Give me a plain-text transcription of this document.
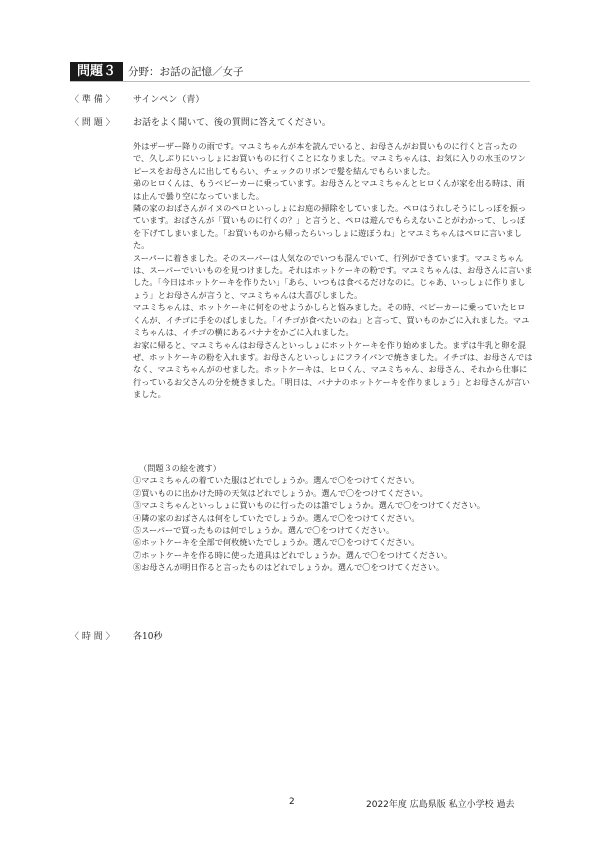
問題３	分野：お話の記憶／女子
〈 準 備 〉 サインペン（青）
〈 問 題 〉 お話をよく聞いて、後の質問に答えてください。

外はザーザー降りの雨です。マユミちゃんが本を読んでいると、お母さんがお買いものに行くと言ったので、久しぶりにいっしょにお買いものに行くことになりました。マユミちゃんは、お気に入りの水玉のワンピースをお母さんに出してもらい、チェックのリボンで髪を結んでもらいました。

弟のヒロくんは、もうベビーカーに乗っています。お母さんとマユミちゃんとヒロくんが家を出る時は、雨は止んで曇り空になっていました。

隣の家のおばさんがイヌのペロといっしょにお庭の掃除をしていました。ペロはうれしそうにしっぽを振っています。おばさんが「買いものに行くの？」と言うと、ペロは遊んでもらえないことがわかって、しっぽを下げてしまいました。「お買いものから帰ったらいっしょに遊ぼうね」とマユミちゃんはペロに言いました。

スーパーに着きました。そのスーパーは人気なのでいつも混んでいて、行列ができています。マユミちゃんは、スーパーでいいものを見つけました。それはホットケーキの粉です。マユミちゃんは、お母さんに言いました。「今日はホットケーキを作りたい」「あら、いつもは食べるだけなのに。じゃあ、いっしょに作りましょう」とお母さんが言うと、マユミちゃんは大喜びしました。

マユミちゃんは、ホットケーキに何をのせようかしらと悩みました。その時、ベビーカーに乗っていたヒロくんが、イチゴに手をのばしました。「イチゴが食べたいのね」と言って、買いものかごに入れました。マユミちゃんは、イチゴの横にあるバナナをかごに入れました。

お家に帰ると、マユミちゃんはお母さんといっしょにホットケーキを作り始めました。まずは牛乳と卵を混ぜ、ホットケーキの粉を入れます。お母さんといっしょにフライパンで焼きました。イチゴは、お母さんではなく、マユミちゃんがのせました。ホットケーキは、ヒロくん、マユミちゃん、お母さん、それから仕事に行っているお父さんの分を焼きました。「明日は、バナナのホットケーキを作りましょう」とお母さんが言いました。

（問題３の絵を渡す）

①マユミちゃんの着ていた服はどれでしょうか。選んで〇をつけてください。

②買いものに出かけた時の天気はどれでしょうか。選んで〇をつけてください。

③マユミちゃんといっしょに買いものに行ったのは誰でしょうか。選んで〇をつけてください。

④隣の家のおばさんは何をしていたでしょうか。選んで〇をつけてください。

⑤スーパーで買ったものは何でしょうか。選んで〇をつけてください。

⑥ホットケーキを全部で何枚焼いたでしょうか。選んで〇をつけてください。

⑦ホットケーキを作る時に使った道具はどれでしょうか。選んで〇をつけてください。

⑧お母さんが明日作ると言ったものはどれでしょうか。選んで〇をつけてください。

〈 時 間 〉 各10秒
2	2022年度 広島県版 私立小学校 過去
